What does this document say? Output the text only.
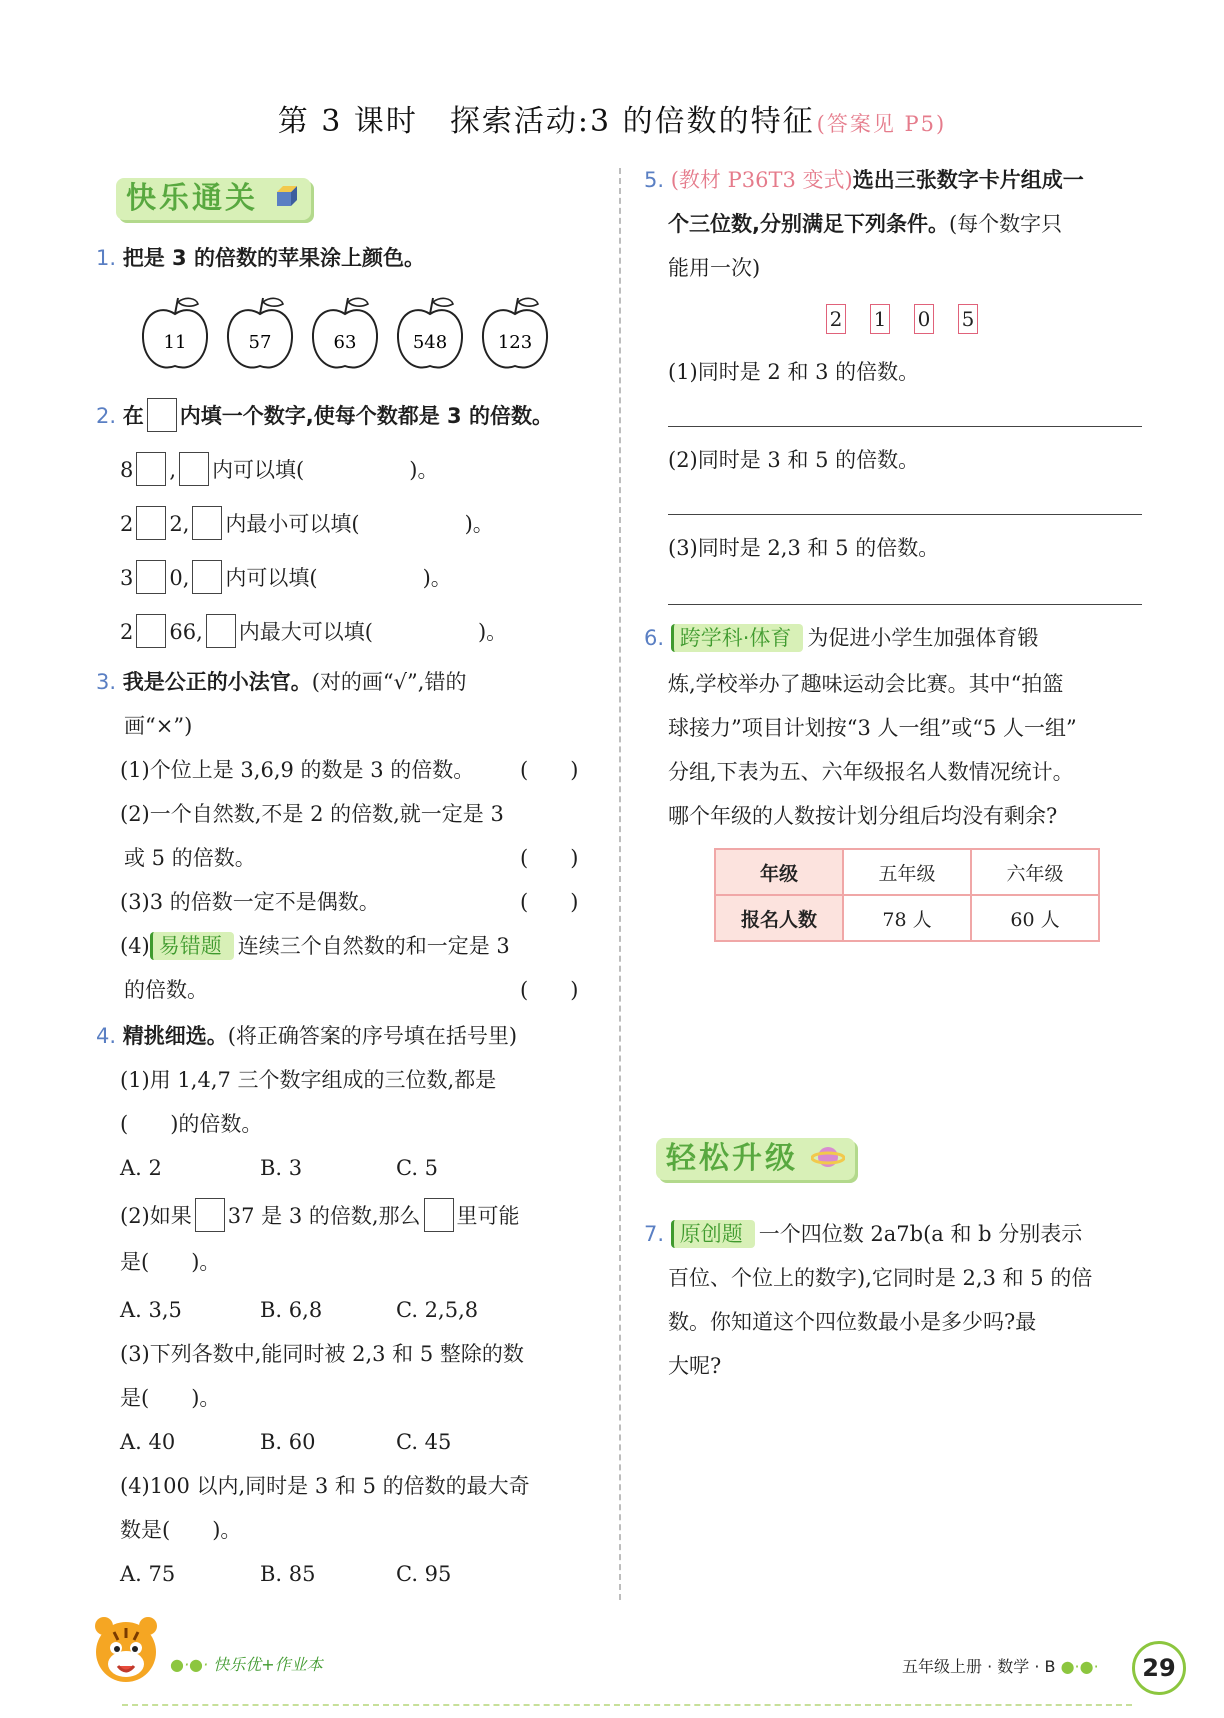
第 3 课时　探索活动:3 的倍数的特征(答案见 P5)
快乐通关
1. 把是 3 的倍数的苹果涂上颜色。
11	57	63	548	123
2. 在 内填一个数字,使每个数都是 3 的倍数。
8 , 内可以填(　　　　　)。
2 2, 内最小可以填(　　　　　)。
3 0, 内可以填(　　　　　)。
2 66, 内最大可以填(　　　　　)。
3. 我是公正的小法官。(对的画“√”,错的
画“×”)
(1)个位上是 3,6,9 的数是 3 的倍数。 (　　)
(2)一个自然数,不是 2 的倍数,就一定是 3
或 5 的倍数。	(　　)
(3)3 的倍数一定不是偶数。	(　　)
(4) 易错题 连续三个自然数的和一定是 3
的倍数。	(　　)
4. 精挑细选。(将正确答案的序号填在括号里)
(1)用 1,4,7 三个数字组成的三位数,都是
(　　)的倍数。
A. 2	B. 3	C. 5
(2)如果 37 是 3 的倍数,那么 里可能
是(　　)。
A. 3,5	B. 6,8	C. 2,5,8
(3)下列各数中,能同时被 2,3 和 5 整除的数
是(　　)。
A. 40	B. 60	C. 45
(4)100 以内,同时是 3 和 5 的倍数的最大奇
数是(　　)。
A. 75	B. 85	C. 95
5. (教材 P36T3 变式)选出三张数字卡片组成一
个三位数,分别满足下列条件。(每个数字只
能用一次)
2 1 0 5
(1)同时是 2 和 3 的倍数。
(2)同时是 3 和 5 的倍数。
(3)同时是 2,3 和 5 的倍数。
6. 跨学科·体育 为促进小学生加强体育锻
炼,学校举办了趣味运动会比赛。其中“拍篮
球接力”项目计划按“3 人一组”或“5 人一组”
分组,下表为五、六年级报名人数情况统计。
哪个年级的人数按计划分组后均没有剩余?
年级	五年级	六年级
报名人数	78 人	60 人
轻松升级
7. 原创题 一个四位数 2a7b(a 和 b 分别表示
百位、个位上的数字),它同时是 2,3 和 5 的倍
数。你知道这个四位数最小是多少吗?最
大呢?
●·●· 快乐优+作业本	五年级上册 · 数学 · B ●·●·	29
